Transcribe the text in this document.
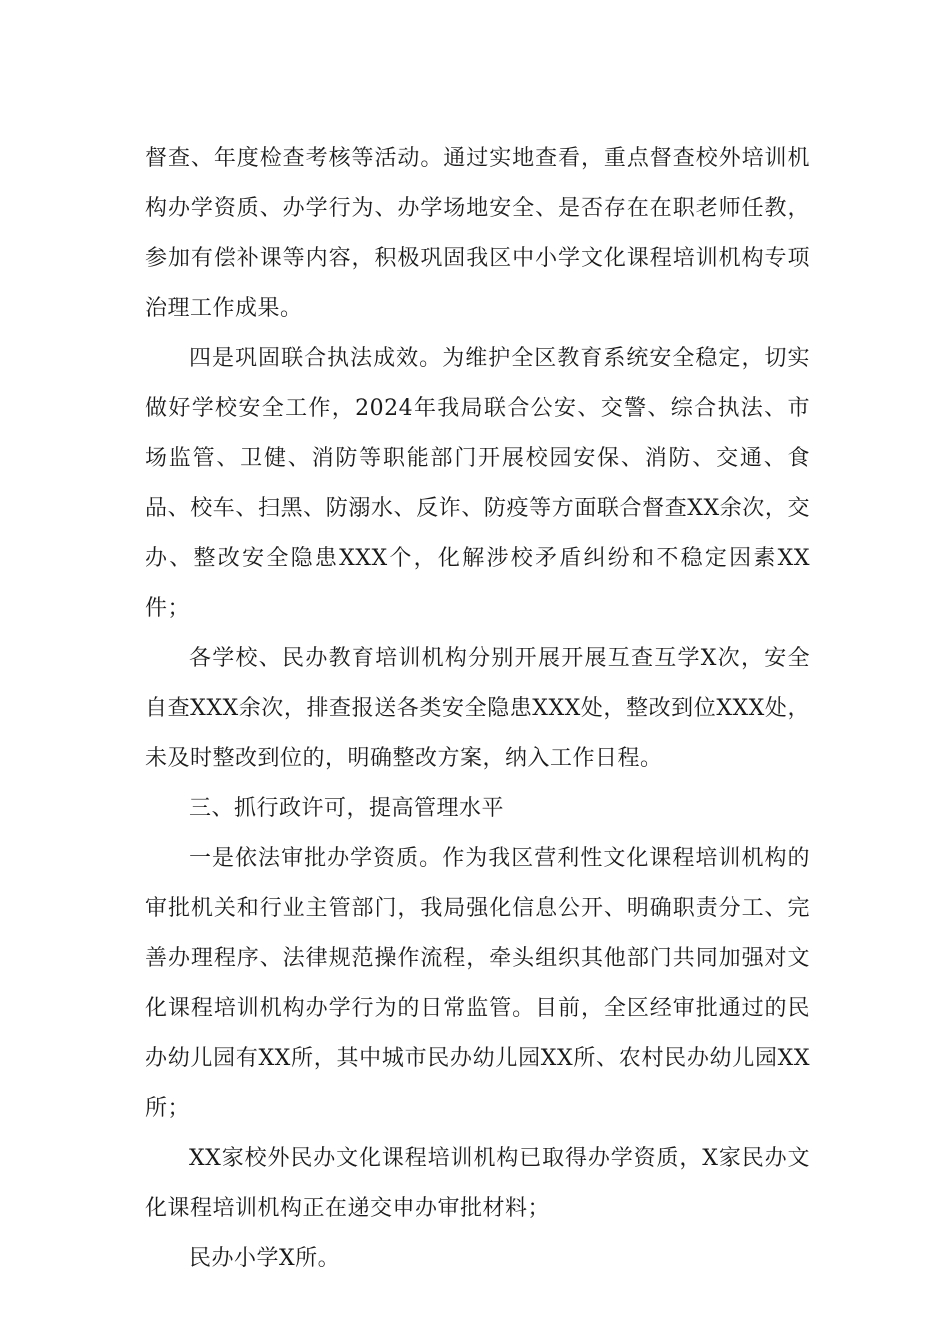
督查、年度检查考核等活动。通过实地查看，重点督查校外培训机构办学资质、办学行为、办学场地安全、是否存在在职老师任教，参加有偿补课等内容，积极巩固我区中小学文化课程培训机构专项治理工作成果。

四是巩固联合执法成效。为维护全区教育系统安全稳定，切实做好学校安全工作，2024年我局联合公安、交警、综合执法、市场监管、卫健、消防等职能部门开展校园安保、消防、交通、食品、校车、扫黑、防溺水、反诈、防疫等方面联合督查XX余次，交办、整改安全隐患XXX个，化解涉校矛盾纠纷和不稳定因素XX件；

各学校、民办教育培训机构分别开展开展互查互学X次，安全自查XXX余次，排查报送各类安全隐患XXX处，整改到位XXX处，未及时整改到位的，明确整改方案，纳入工作日程。

三、抓行政许可，提高管理水平

一是依法审批办学资质。作为我区营利性文化课程培训机构的审批机关和行业主管部门，我局强化信息公开、明确职责分工、完善办理程序、法律规范操作流程，牵头组织其他部门共同加强对文化课程培训机构办学行为的日常监管。目前，全区经审批通过的民办幼儿园有XX所，其中城市民办幼儿园XX所、农村民办幼儿园XX所；

XX家校外民办文化课程培训机构已取得办学资质，X家民办文化课程培训机构正在递交申办审批材料；

民办小学X所。
